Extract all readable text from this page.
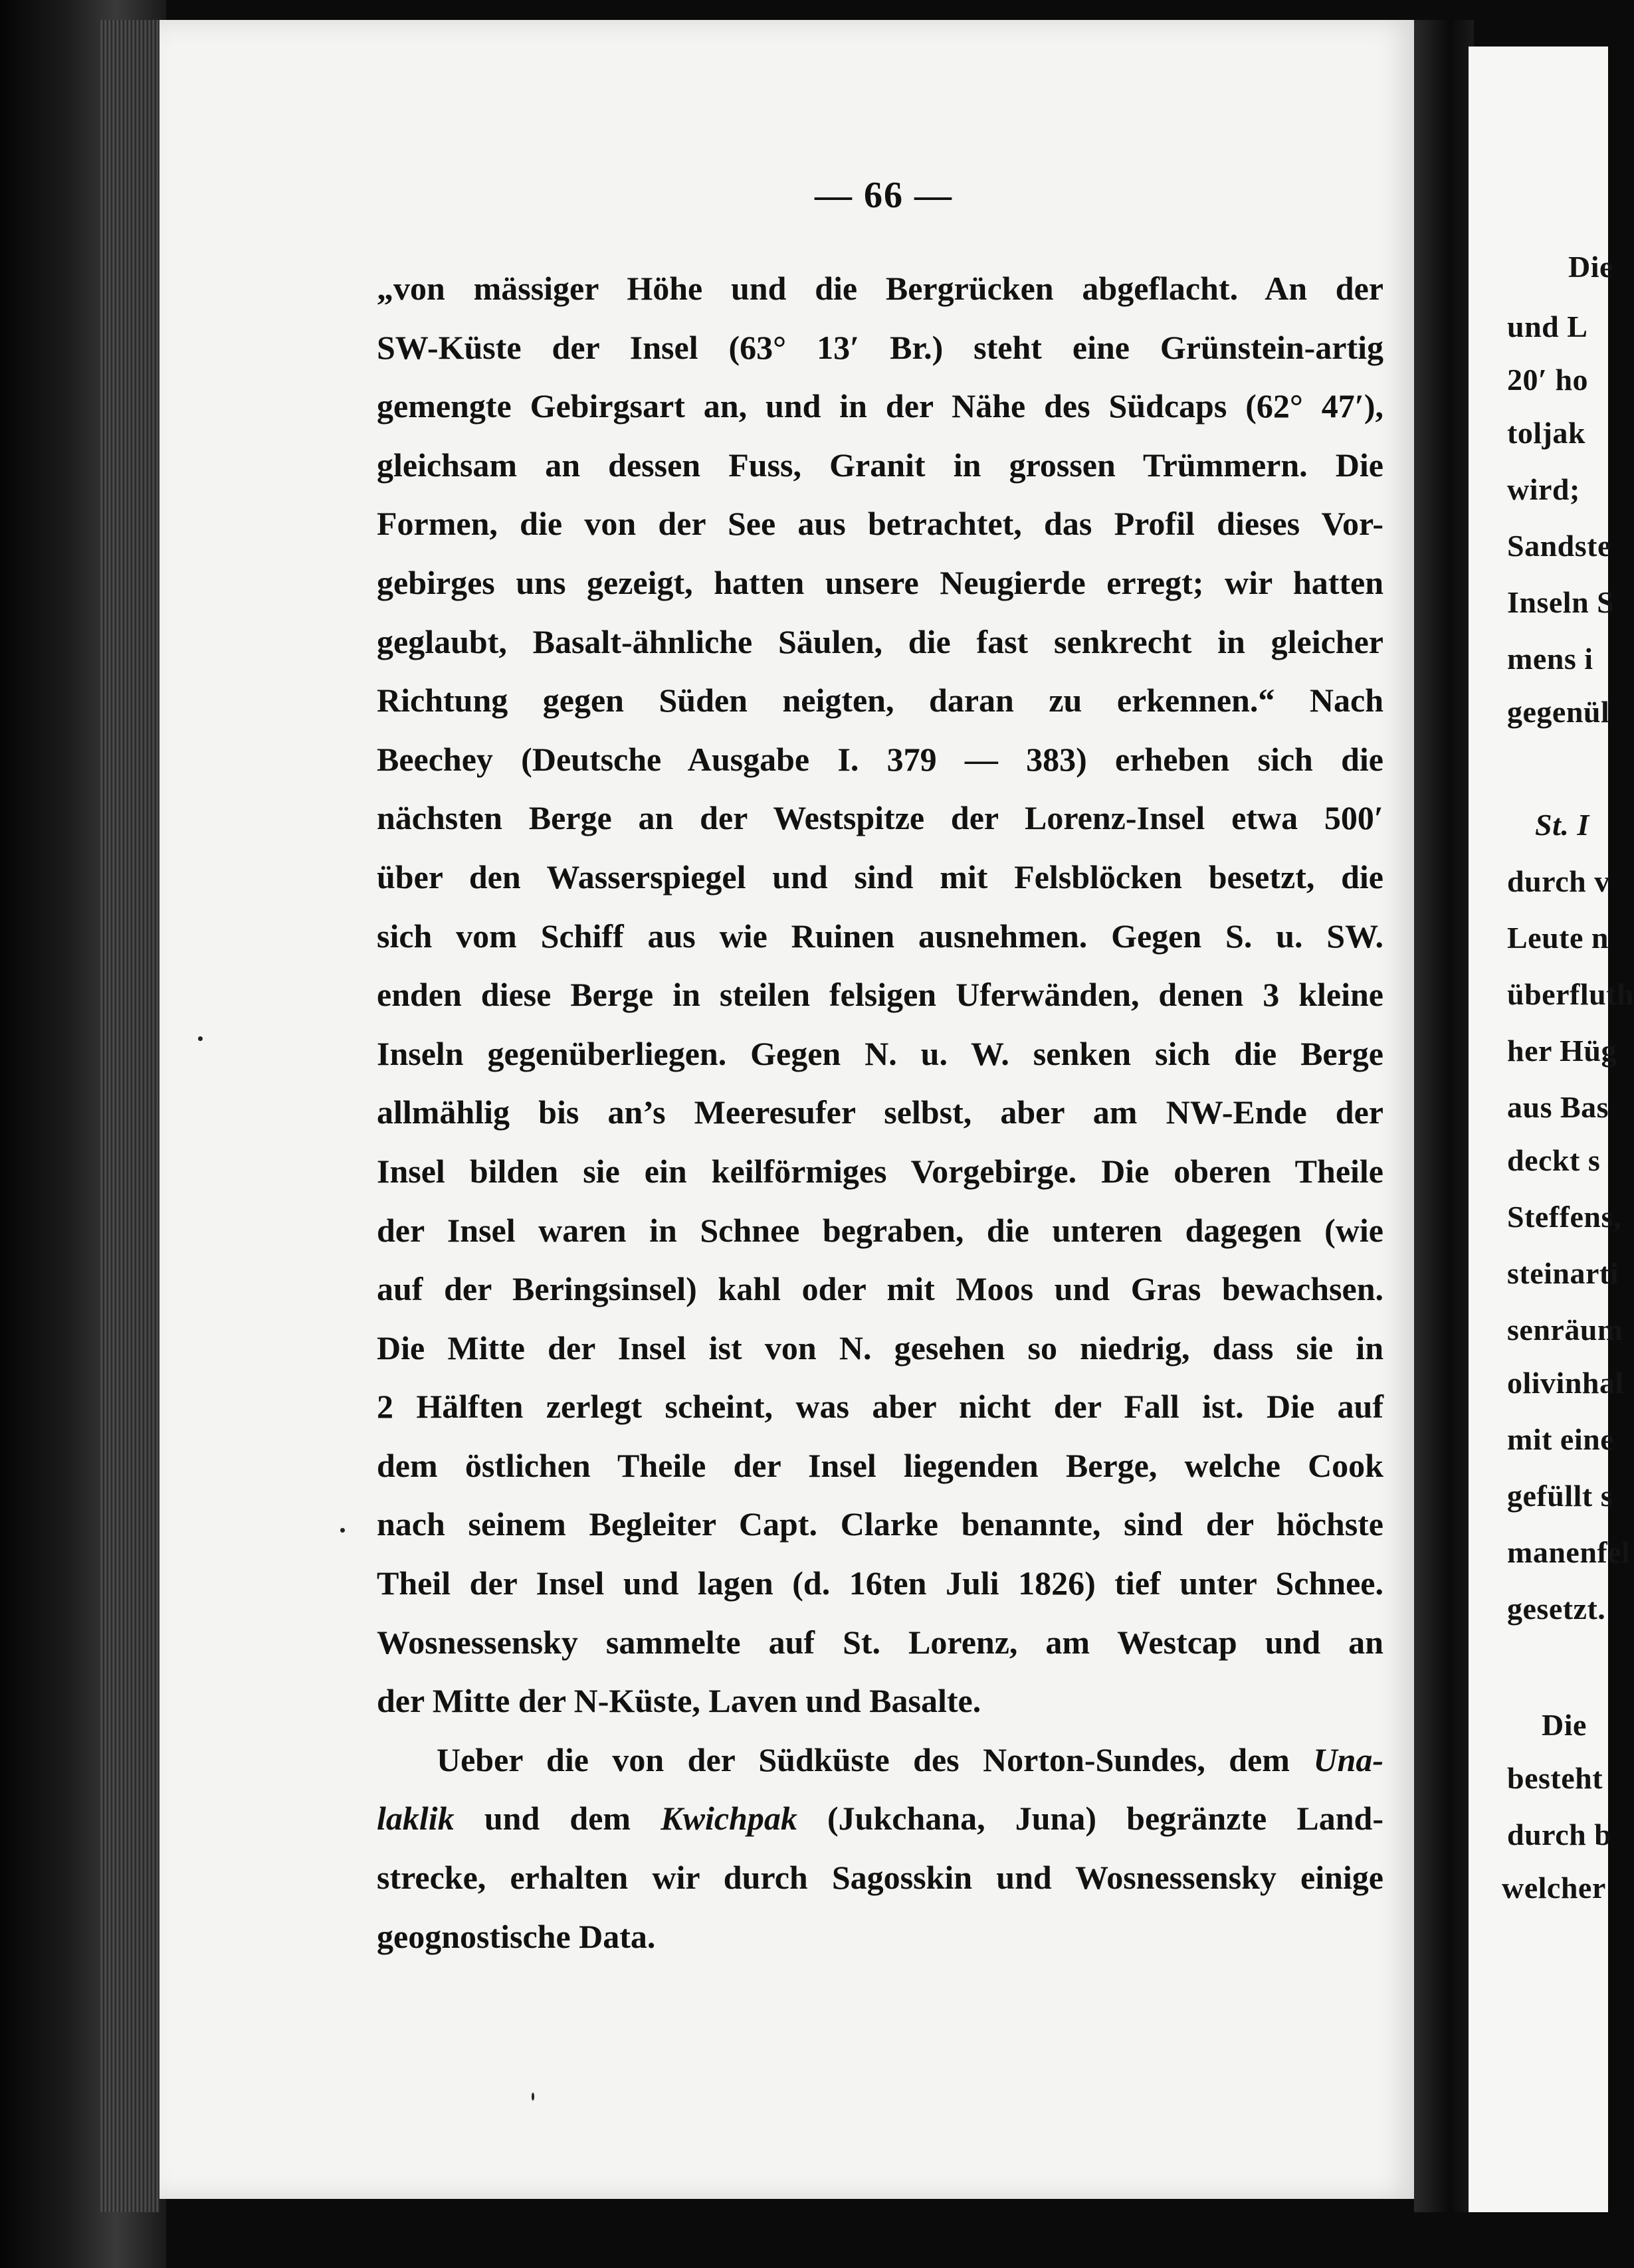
— 66 —
„von mässiger Höhe und die Bergrücken abgeflacht. An der
SW-Küste der Insel (63° 13′ Br.) steht eine Grünstein-artig
gemengte Gebirgsart an, und in der Nähe des Südcaps (62° 47′),
gleichsam an dessen Fuss, Granit in grossen Trümmern. Die
Formen, die von der See aus betrachtet, das Profil dieses Vor-
gebirges uns gezeigt, hatten unsere Neugierde erregt; wir hatten
geglaubt, Basalt-ähnliche Säulen, die fast senkrecht in gleicher
Richtung gegen Süden neigten, daran zu erkennen.“ Nach
Beechey (Deutsche Ausgabe I. 379 — 383) erheben sich die
nächsten Berge an der Westspitze der Lorenz-Insel etwa 500′
über den Wasserspiegel und sind mit Felsblöcken besetzt, die
sich vom Schiff aus wie Ruinen ausnehmen. Gegen S. u. SW.
enden diese Berge in steilen felsigen Uferwänden, denen 3 kleine
Inseln gegenüberliegen. Gegen N. u. W. senken sich die Berge
allmählig bis an’s Meeresufer selbst, aber am NW-Ende der
Insel bilden sie ein keilförmiges Vorgebirge. Die oberen Theile
der Insel waren in Schnee begraben, die unteren dagegen (wie
auf der Beringsinsel) kahl oder mit Moos und Gras bewachsen.
Die Mitte der Insel ist von N. gesehen so niedrig, dass sie in
2 Hälften zerlegt scheint, was aber nicht der Fall ist. Die auf
dem östlichen Theile der Insel liegenden Berge, welche Cook
nach seinem Begleiter Capt. Clarke benannte, sind der höchste
Theil der Insel und lagen (d. 16ten Juli 1826) tief unter Schnee.
Wosnessensky sammelte auf St. Lorenz, am Westcap und an
der Mitte der N-Küste, Laven und Basalte.
Ueber die von der Südküste des Norton-Sundes, dem Una-
laklik und dem Kwichpak (Jukchana, Juna) begränzte Land-
strecke, erhalten wir durch Sagosskin und Wosnessensky einige
geognostische Data.
Die
und L
20′ ho
toljak
wird;
Sandste
Inseln S
mens i
gegenül
St. I
durch v
Leute n
überfluth
her Hüg
aus Bas
deckt s
Steffens,
steinarti
senräum
olivinhal
mit eine
gefüllt s
manenfel
gesetzt.
Die
besteht
durch b
welcher
